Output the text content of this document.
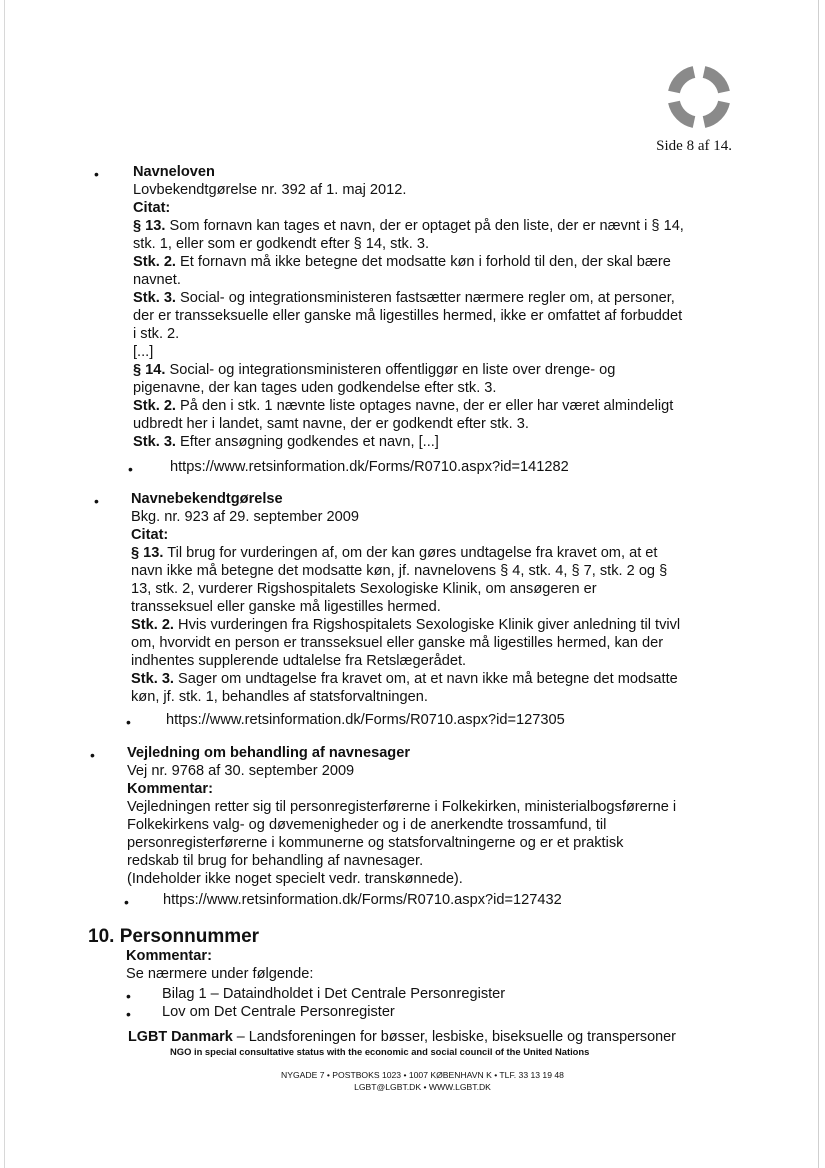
Side 8 af 14.
• Navneloven
Lovbekendtgørelse nr. 392 af 1. maj 2012.
Citat:
§ 13. Som fornavn kan tages et navn, der er optaget på den liste, der er nævnt i § 14,
stk. 1, eller som er godkendt efter § 14, stk. 3.
Stk. 2. Et fornavn må ikke betegne det modsatte køn i forhold til den, der skal bære
navnet.
Stk. 3. Social- og integrationsministeren fastsætter nærmere regler om, at personer,
der er transseksuelle eller ganske må ligestilles hermed, ikke er omfattet af forbuddet
i stk. 2.
[...]
§ 14. Social- og integrationsministeren offentliggør en liste over drenge- og
pigenavne, der kan tages uden godkendelse efter stk. 3.
Stk. 2. På den i stk. 1 nævnte liste optages navne, der er eller har været almindeligt
udbredt her i landet, samt navne, der er godkendt efter stk. 3.
Stk. 3. Efter ansøgning godkendes et navn, [...]
•	https://www.retsinformation.dk/Forms/R0710.aspx?id=141282
• Navnebekendtgørelse
Bkg. nr. 923 af 29. september 2009
Citat:
§ 13. Til brug for vurderingen af, om der kan gøres undtagelse fra kravet om, at et
navn ikke må betegne det modsatte køn, jf. navnelovens § 4, stk. 4, § 7, stk. 2 og §
13, stk. 2, vurderer Rigshospitalets Sexologiske Klinik, om ansøgeren er
transseksuel eller ganske må ligestilles hermed.
Stk. 2. Hvis vurderingen fra Rigshospitalets Sexologiske Klinik giver anledning til tvivl
om, hvorvidt en person er transseksuel eller ganske må ligestilles hermed, kan der
indhentes supplerende udtalelse fra Retslægerådet.
Stk. 3. Sager om undtagelse fra kravet om, at et navn ikke må betegne det modsatte
køn, jf. stk. 1, behandles af statsforvaltningen.
• https://www.retsinformation.dk/Forms/R0710.aspx?id=127305
• Vejledning om behandling af navnesager
Vej nr. 9768 af 30. september 2009
Kommentar:
Vejledningen retter sig til personregisterførerne i Folkekirken, ministerialbogsførerne i
Folkekirkens valg- og døvemenigheder og i de anerkendte trossamfund, til
personregisterførerne i kommunerne og statsforvaltningerne og er et praktisk
redskab til brug for behandling af navnesager.
(Indeholder ikke noget specielt vedr. transkønnede).
• https://www.retsinformation.dk/Forms/R0710.aspx?id=127432
10. Personnummer
Kommentar:
Se nærmere under følgende:
• Bilag 1 – Dataindholdet i Det Centrale Personregister
• Lov om Det Centrale Personregister
LGBT Danmark – Landsforeningen for bøsser, lesbiske, biseksuelle og transpersoner
NGO in special consultative status with the economic and social council of the United Nations
NYGADE 7 • POSTBOKS 1023 • 1007 KØBENHAVN K • TLF. 33 13 19 48
LGBT@LGBT.DK • WWW.LGBT.DK
